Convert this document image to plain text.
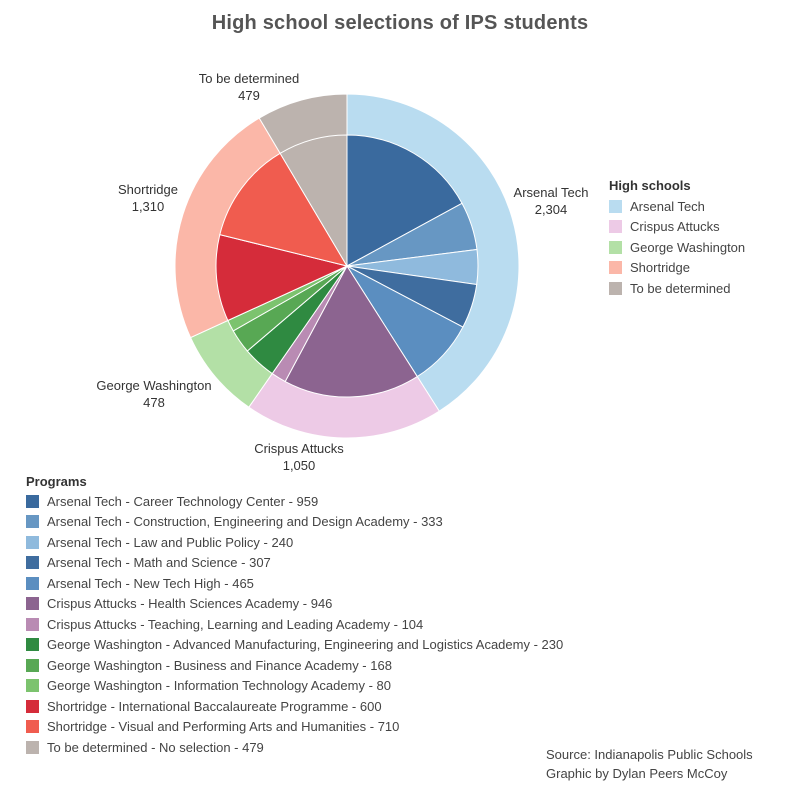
High school selections of IPS students
Arsenal Tech
2,304
Crispus Attucks
1,050
George Washington
478
Shortridge
1,310
To be determined
479
High schools
Arsenal Tech
Crispus Attucks
George Washington
Shortridge
To be determined
Programs
Arsenal Tech - Career Technology Center - 959
Arsenal Tech - Construction, Engineering and Design Academy - 333
Arsenal Tech - Law and Public Policy - 240
Arsenal Tech - Math and Science - 307
Arsenal Tech - New Tech High - 465
Crispus Attucks - Health Sciences Academy - 946
Crispus Attucks - Teaching, Learning and Leading Academy - 104
George Washington - Advanced Manufacturing, Engineering and Logistics Academy - 230
George Washington - Business and Finance Academy - 168
George Washington - Information Technology Academy - 80
Shortridge - International Baccalaureate Programme - 600
Shortridge - Visual and Performing Arts and Humanities - 710
To be determined - No selection - 479	Source: Indianapolis Public Schools
Graphic by Dylan Peers McCoy
